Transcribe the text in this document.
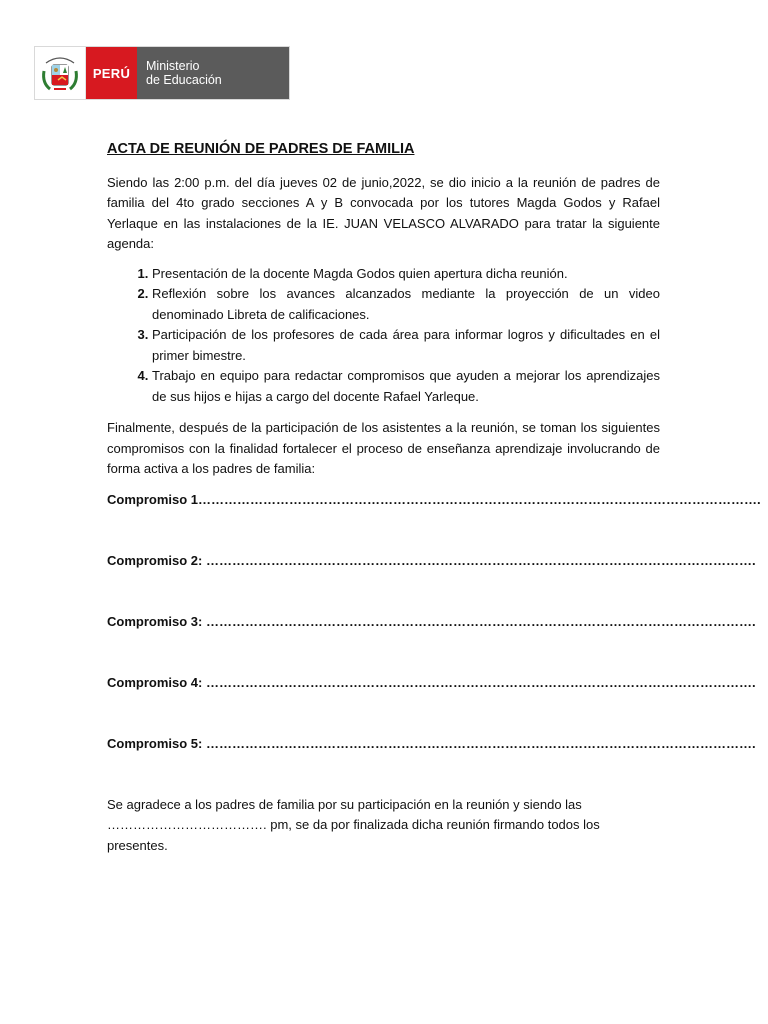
PERÚ	Ministerio
de Educación
ACTA DE REUNIÓN DE PADRES DE FAMILIA

Siendo las 2:00 p.m. del día jueves 02 de junio,2022, se dio inicio a la reunión de padres de familia del 4to grado secciones A y B convocada por los tutores Magda Godos y Rafael Yerlaque en las instalaciones de la IE. JUAN VELASCO ALVARADO para tratar la siguiente agenda:

1. Presentación de la docente Magda Godos quien apertura dicha reunión.
2. Reflexión sobre los avances alcanzados mediante la proyección de un video denominado Libreta de calificaciones.
3. Participación de los profesores de cada área para informar logros y dificultades en el primer bimestre.
4. Trabajo en equipo para redactar compromisos que ayuden a mejorar los aprendizajes de sus hijos e hijas a cargo del docente Rafael Yarleque.

Finalmente, después de la participación de los asistentes a la reunión, se toman los siguientes compromisos con la finalidad fortalecer el proceso de enseñanza aprendizaje involucrando de forma activa a los padres de familia:

Compromiso 1………………………………………………………………………………………………………………….
Compromiso 2: ……………………………………………………………………………………………………………….
Compromiso 3: ……………………………………………………………………………………………………………….
Compromiso 4: ……………………………………………………………………………………………………………….
Compromiso 5: ……………………………………………………………………………………………………………….
Se agradece a los padres de familia por su participación en la reunión y siendo las
………………………………. pm, se da por finalizada dicha reunión firmando todos los
presentes.
